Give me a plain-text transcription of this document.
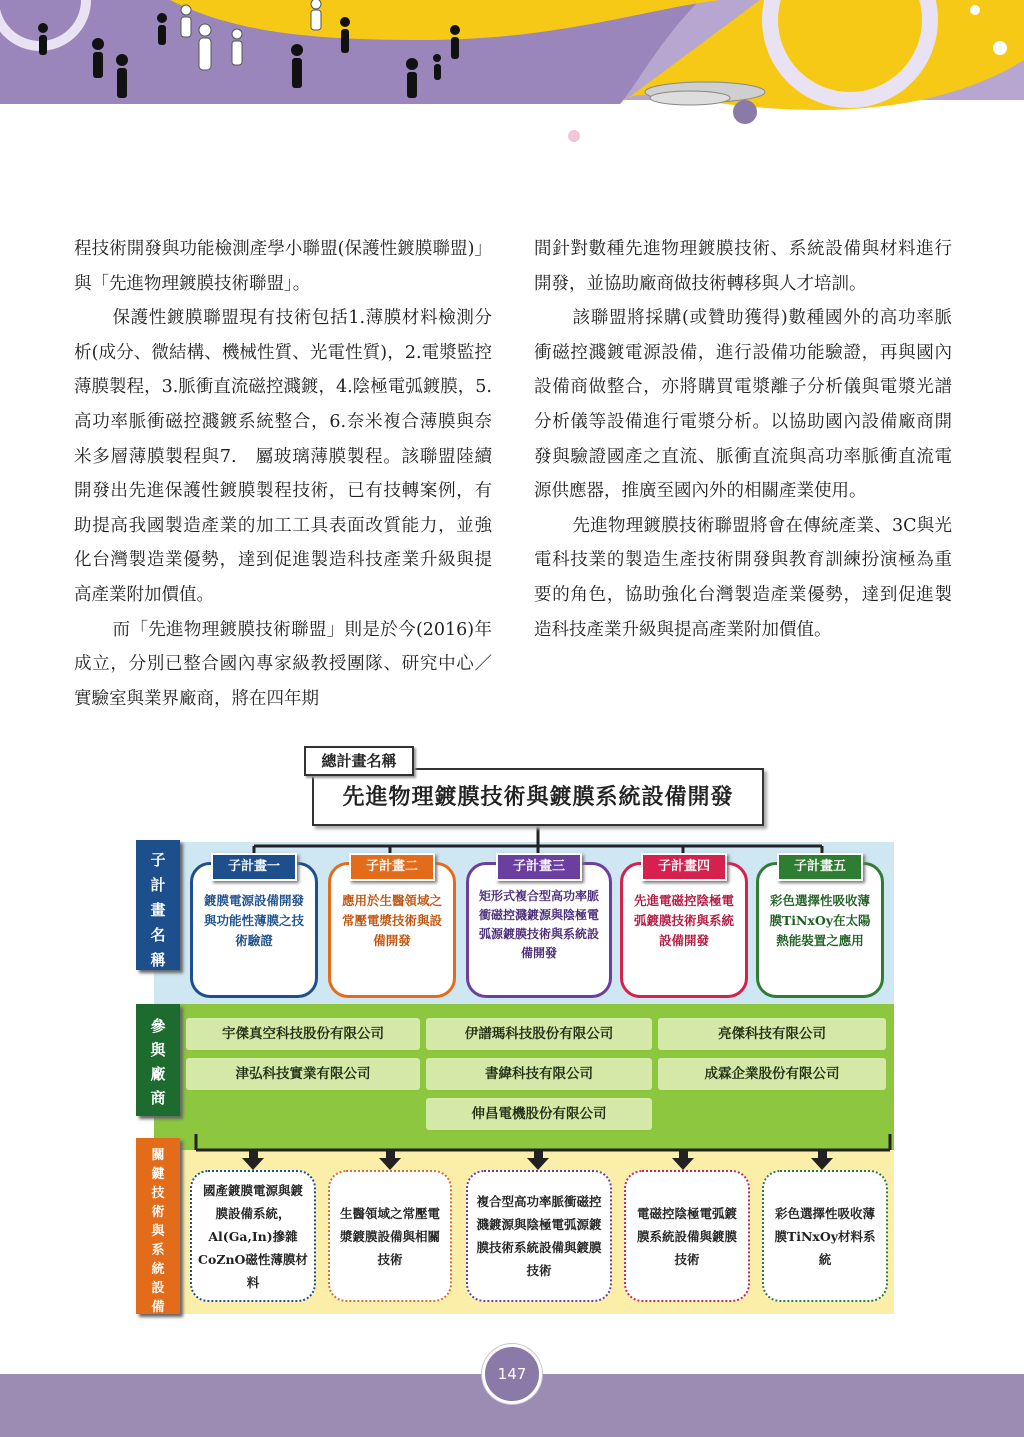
程技術開發與功能檢測產學小聯盟(保護性鍍膜聯盟)」與「先進物理鍍膜技術聯盟」。

保護性鍍膜聯盟現有技術包括1.薄膜材料檢測分析(成分、微結構、機械性質、光電性質)，2.電漿監控薄膜製程，3.脈衝直流磁控濺鍍，4.陰極電弧鍍膜，5.高功率脈衝磁控濺鍍系統整合，6.奈米複合薄膜與奈米多層薄膜製程與7.　屬玻璃薄膜製程。該聯盟陸續開發出先進保護性鍍膜製程技術，已有技轉案例，有助提高我國製造產業的加工工具表面改質能力，並強化台灣製造業優勢，達到促進製造科技產業升級與提高產業附加價值。

而「先進物理鍍膜技術聯盟」則是於今(2016)年成立，分別已整合國內專家級教授團隊、研究中心／實驗室與業界廠商，將在四年期

間針對數種先進物理鍍膜技術、系統設備與材料進行開發，並協助廠商做技術轉移與人才培訓。

該聯盟將採購(或贊助獲得)數種國外的高功率脈衝磁控濺鍍電源設備，進行設備功能驗證，再與國內設備商做整合，亦將購買電漿離子分析儀與電漿光譜分析儀等設備進行電漿分析。以協助國內設備廠商開發與驗證國產之直流、脈衝直流與高功率脈衝直流電源供應器，推廣至國內外的相關產業使用。

先進物理鍍膜技術聯盟將會在傳統產業、3C與光電科技業的製造生產技術開發與教育訓練扮演極為重要的角色，協助強化台灣製造產業優勢，達到促進製造科技產業升級與提高產業附加價值。

先進物理鍍膜技術與鍍膜系統設備開發
總計畫名稱
子
計
畫
名
稱
參
與
廠
商
關
鍵
技
術
與
系
統
設
備
子計畫一
鍍膜電源設備開發與功能性薄膜之技術驗證
子計畫二
應用於生醫領域之常壓電漿技術與設備開發
子計畫三
矩形式複合型高功率脈衝磁控濺鍍源與陰極電弧源鍍膜技術與系統設備開發
子計畫四
先進電磁控陰極電弧鍍膜技術與系統設備開發
子計畫五
彩色選擇性吸收薄膜TiNxOy在太陽熱能裝置之應用
宇傑真空科技股份有限公司	伊譜瑪科技股份有限公司	亮傑科技有限公司
津弘科技實業有限公司	書緯科技有限公司	成霖企業股份有限公司
伸昌電機股份有限公司
國產鍍膜電源與鍍膜設備系統，Al(Ga,In)摻雜CoZnO磁性薄膜材料
生醫領域之常壓電漿鍍膜設備與相關技術
複合型高功率脈衝磁控濺鍍源與陰極電弧源鍍膜技術系統設備與鍍膜技術
電磁控陰極電弧鍍膜系統設備與鍍膜技術
彩色選擇性吸收薄膜TiNxOy材料系統
147
